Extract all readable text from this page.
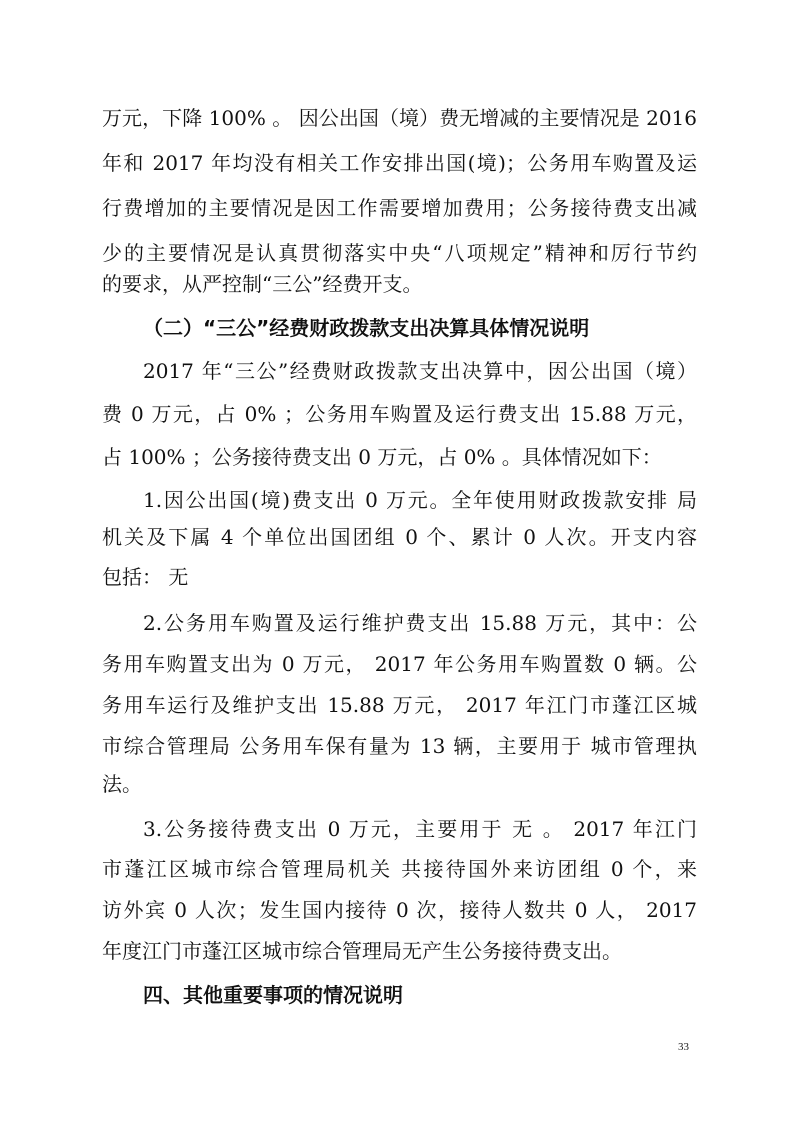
万元，下降 100% 。 因公出国（境）费无增减的主要情况是 2016
年和 2017 年均没有相关工作安排出国(境)；公务用车购置及运
行费增加的主要情况是因工作需要增加费用；公务接待费支出减
少的主要情况是认真贯彻落实中央“八项规定”精神和厉行节约
的要求，从严控制“三公”经费开支。
（二）“三公”经费财政拨款支出决算具体情况说明
2017 年“三公”经费财政拨款支出决算中，因公出国（境）
费 0 万元，占 0% ；公务用车购置及运行费支出 15.88 万元，
占 100% ；公务接待费支出 0 万元，占 0% 。具体情况如下：
1.因公出国(境)费支出 0 万元。全年使用财政拨款安排 局
机关及下属 4 个单位出国团组 0 个、累计 0 人次。开支内容
包括： 无
2.公务用车购置及运行维护费支出 15.88 万元，其中：公
务用车购置支出为 0 万元， 2017 年公务用车购置数 0 辆。公
务用车运行及维护支出 15.88 万元， 2017 年江门市蓬江区城
市综合管理局 公务用车保有量为 13 辆，主要用于 城市管理执
法。
3.公务接待费支出 0 万元，主要用于 无 。 2017 年江门
市蓬江区城市综合管理局机关 共接待国外来访团组 0 个，来
访外宾 0 人次；发生国内接待 0 次，接待人数共 0 人， 2017
年度江门市蓬江区城市综合管理局无产生公务接待费支出。
四、其他重要事项的情况说明
33
